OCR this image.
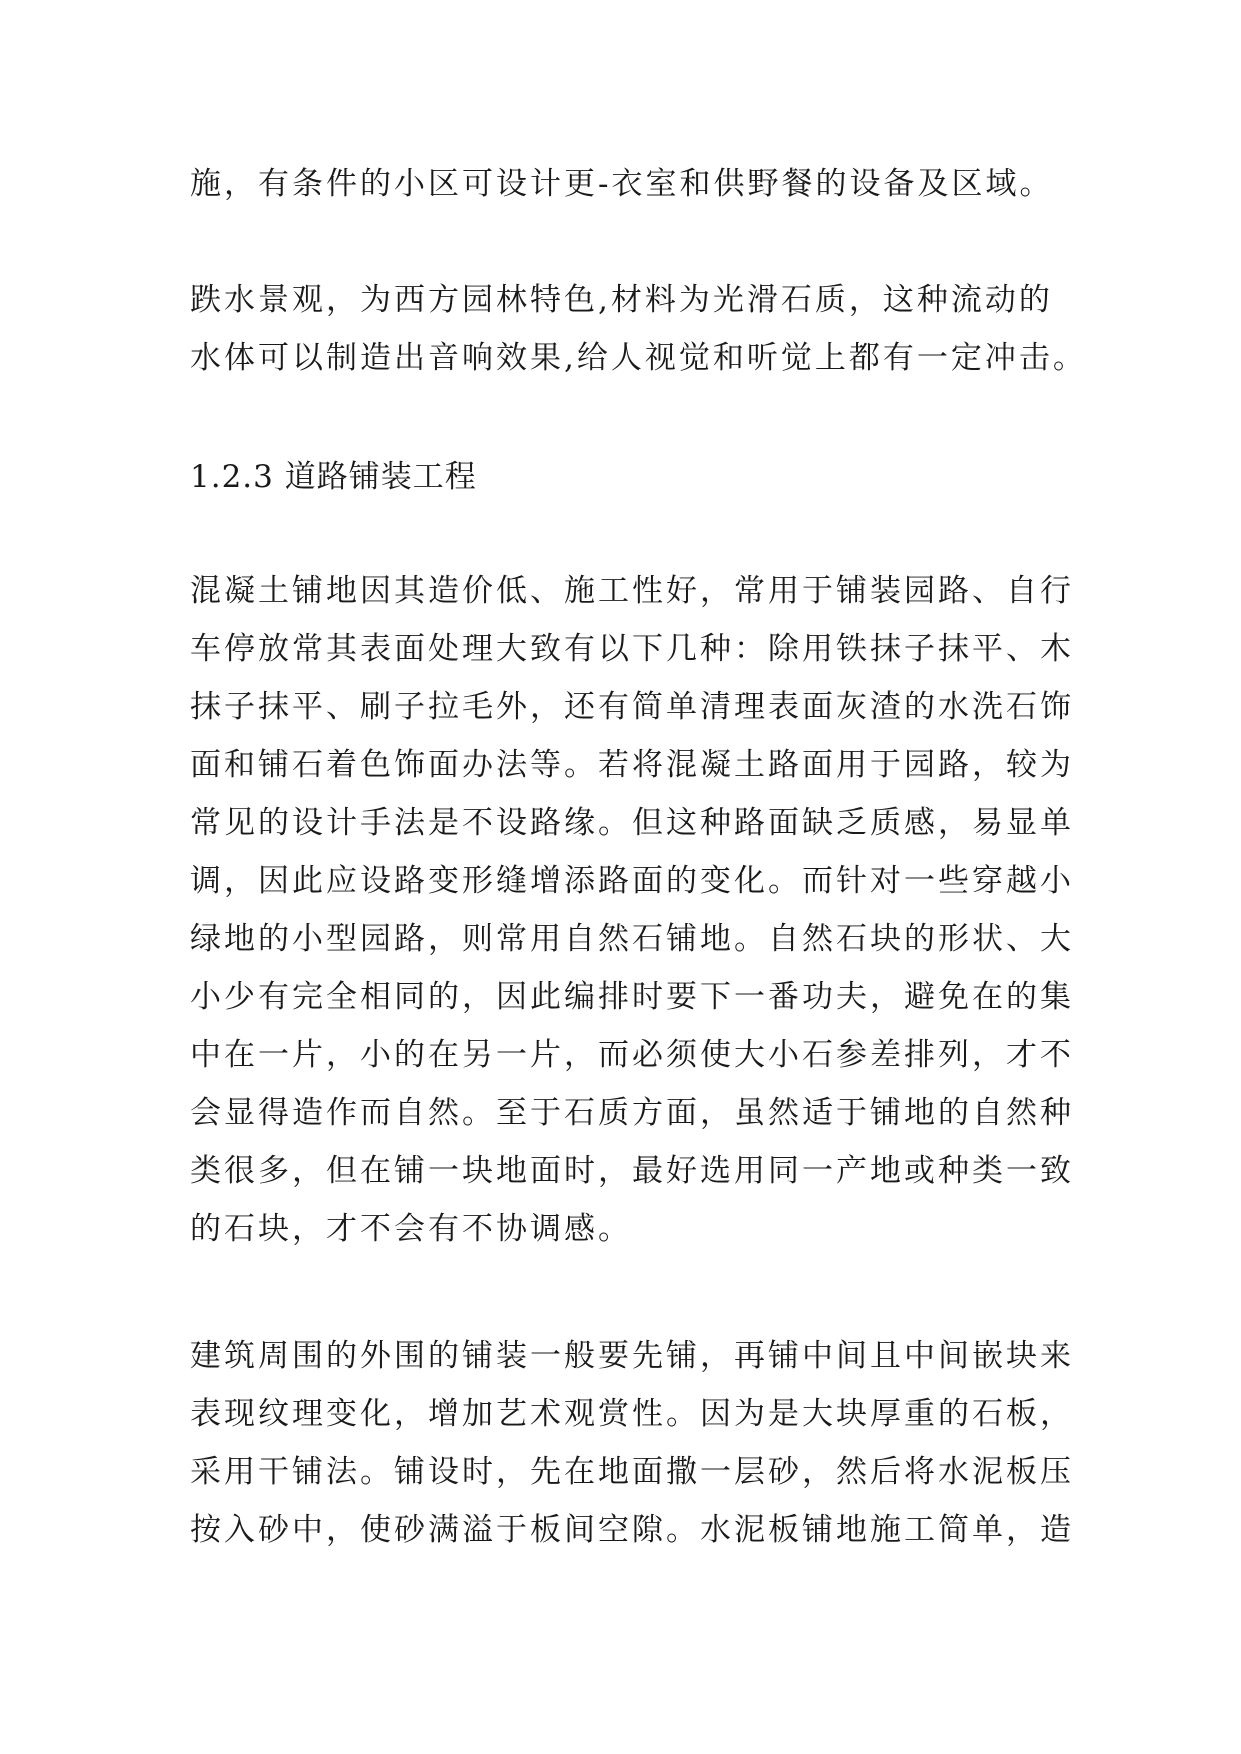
施，有条件的小区可设计更-衣室和供野餐的设备及区域。

跌水景观，为西方园林特色,材料为光滑石质，这种流动的
水体可以制造出音响效果,给人视觉和听觉上都有一定冲击。

1.2.3 道路铺装工程

混凝土铺地因其造价低、施工性好，常用于铺装园路、自行
车停放常其表面处理大致有以下几种：除用铁抹子抹平、木
抹子抹平、刷子拉毛外，还有简单清理表面灰渣的水洗石饰
面和铺石着色饰面办法等。若将混凝土路面用于园路，较为
常见的设计手法是不设路缘。但这种路面缺乏质感，易显单
调，因此应设路变形缝增添路面的变化。而针对一些穿越小
绿地的小型园路，则常用自然石铺地。自然石块的形状、大
小少有完全相同的，因此编排时要下一番功夫，避免在的集
中在一片，小的在另一片，而必须使大小石参差排列，才不
会显得造作而自然。至于石质方面，虽然适于铺地的自然种
类很多，但在铺一块地面时，最好选用同一产地或种类一致
的石块，才不会有不协调感。

建筑周围的外围的铺装一般要先铺，再铺中间且中间嵌块来
表现纹理变化，增加艺术观赏性。因为是大块厚重的石板，
采用干铺法。铺设时，先在地面撒一层砂，然后将水泥板压
按入砂中，使砂满溢于板间空隙。水泥板铺地施工简单，造
